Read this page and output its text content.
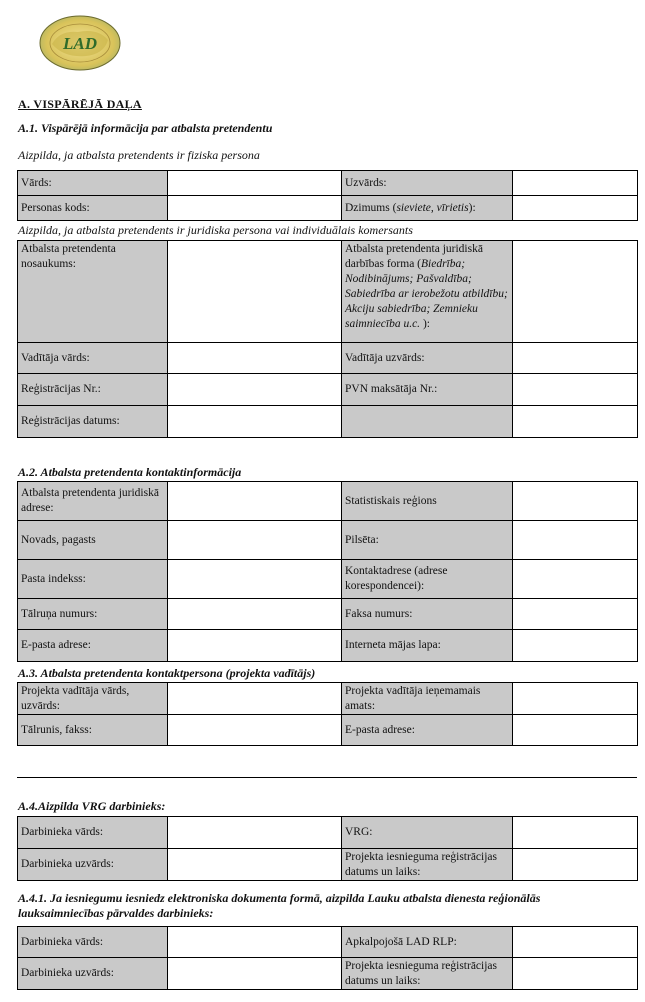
LAD
A. VISPĀRĒJĀ DAĻA
A.1. Vispārējā informācija par atbalsta pretendentu
Aizpilda, ja atbalsta pretendents ir fiziska persona
Vārds:		Uzvārds:	
Personas kods:		Dzimums (sieviete, vīrietis):	
Aizpilda, ja atbalsta pretendents ir juridiska persona vai individuālais komersants
Atbalsta pretendenta nosaukums:		Atbalsta pretendenta juridiskā darbības forma (Biedrība; Nodibinājums; Pašvaldība; Sabiedrība ar ierobežotu atbildību; Akciju sabiedrība; Zemnieku saimniecība u.c. ):	
Vadītāja vārds:		Vadītāja uzvārds:	
Reģistrācijas Nr.:		PVN maksātāja Nr.:	
Reģistrācijas datums:			
A.2. Atbalsta pretendenta kontaktinformācija
Atbalsta pretendenta juridiskā adrese:		Statistiskais reģions	
Novads, pagasts		Pilsēta:	
Pasta indekss:		Kontaktadrese (adrese korespondencei):	
Tālruņa numurs:		Faksa numurs:	
E-pasta adrese:		Interneta mājas lapa:	
A.3. Atbalsta pretendenta kontaktpersona (projekta vadītājs)
Projekta vadītāja vārds, uzvārds:		Projekta vadītāja ieņemamais amats:	
Tālrunis, fakss:		E-pasta adrese:	
A.4.Aizpilda VRG darbinieks:
Darbinieka vārds:		VRG:	
Darbinieka uzvārds:		Projekta iesnieguma reģistrācijas datums un laiks:	
A.4.1. Ja iesniegumu iesniedz elektroniska dokumenta formā, aizpilda Lauku atbalsta dienesta reģionālās lauksaimniecības pārvaldes darbinieks:
Darbinieka vārds:		Apkalpojošā LAD RLP:	
Darbinieka uzvārds:		Projekta iesnieguma reģistrācijas datums un laiks:	
